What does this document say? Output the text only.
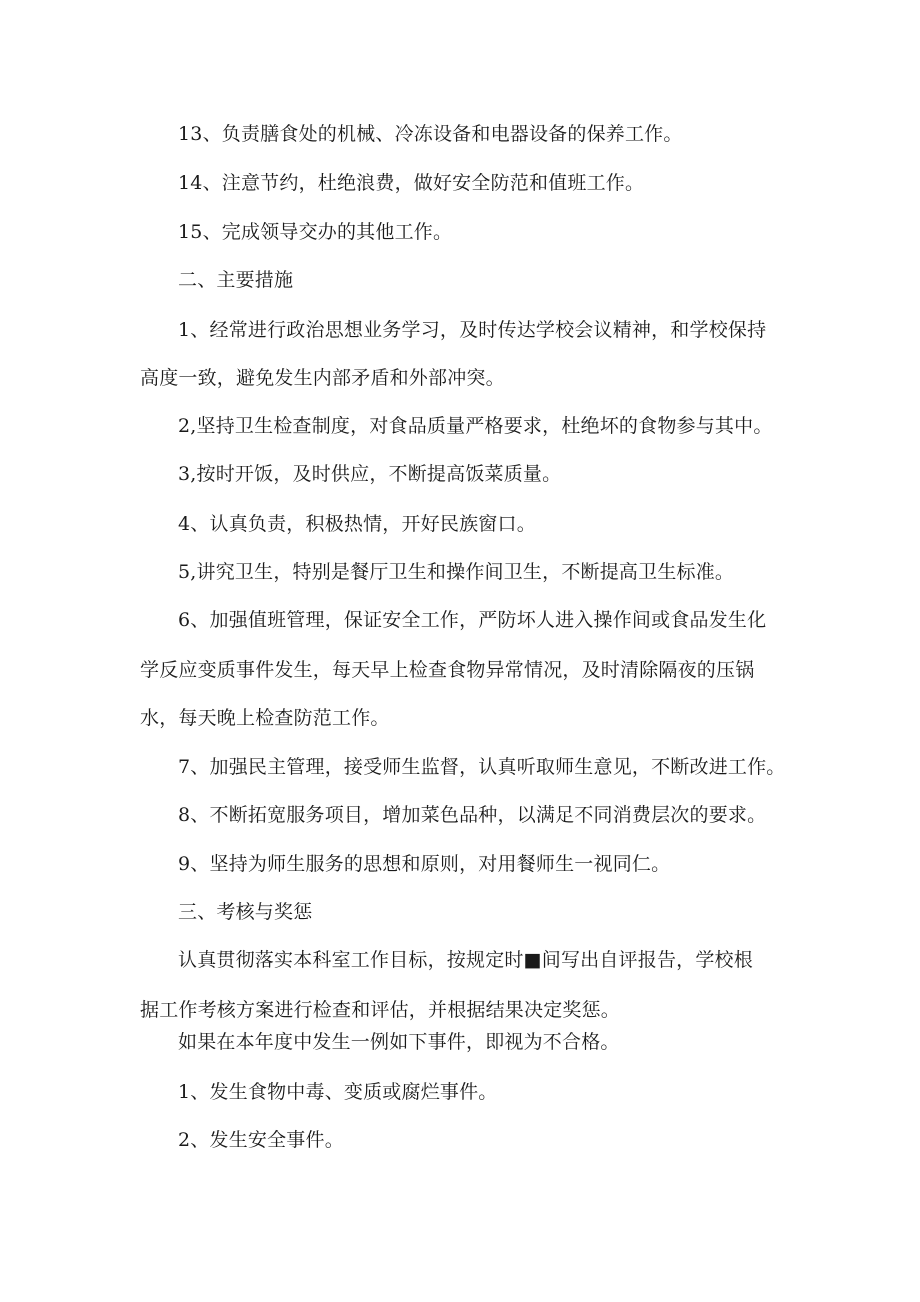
13、负责膳食处的机械、冷冻设备和电器设备的保养工作。
14、注意节约，杜绝浪费，做好安全防范和值班工作。
15、完成领导交办的其他工作。
二、主要措施
1、经常进行政治思想业务学习，及时传达学校会议精神，和学校保持
高度一致，避免发生内部矛盾和外部冲突。
2,坚持卫生检查制度，对食品质量严格要求，杜绝坏的食物参与其中。
3,按时开饭，及时供应，不断提高饭菜质量。
4、认真负责，积极热情，开好民族窗口。
5,讲究卫生，特别是餐厅卫生和操作间卫生，不断提高卫生标准。
6、加强值班管理，保证安全工作，严防坏人进入操作间或食品发生化
学反应变质事件发生，每天早上检查食物异常情况，及时清除隔夜的压锅
水，每天晚上检查防范工作。
7、加强民主管理，接受师生监督，认真听取师生意见，不断改进工作。
8、不断拓宽服务项目，增加菜色品种，以满足不同消费层次的要求。
9、坚持为师生服务的思想和原则，对用餐师生一视同仁。
三、考核与奖惩
认真贯彻落实本科室工作目标，按规定时■间写出自评报告，学校根
据工作考核方案进行检查和评估，并根据结果决定奖惩。
如果在本年度中发生一例如下事件，即视为不合格。
1、发生食物中毒、变质或腐烂事件。
2、发生安全事件。
